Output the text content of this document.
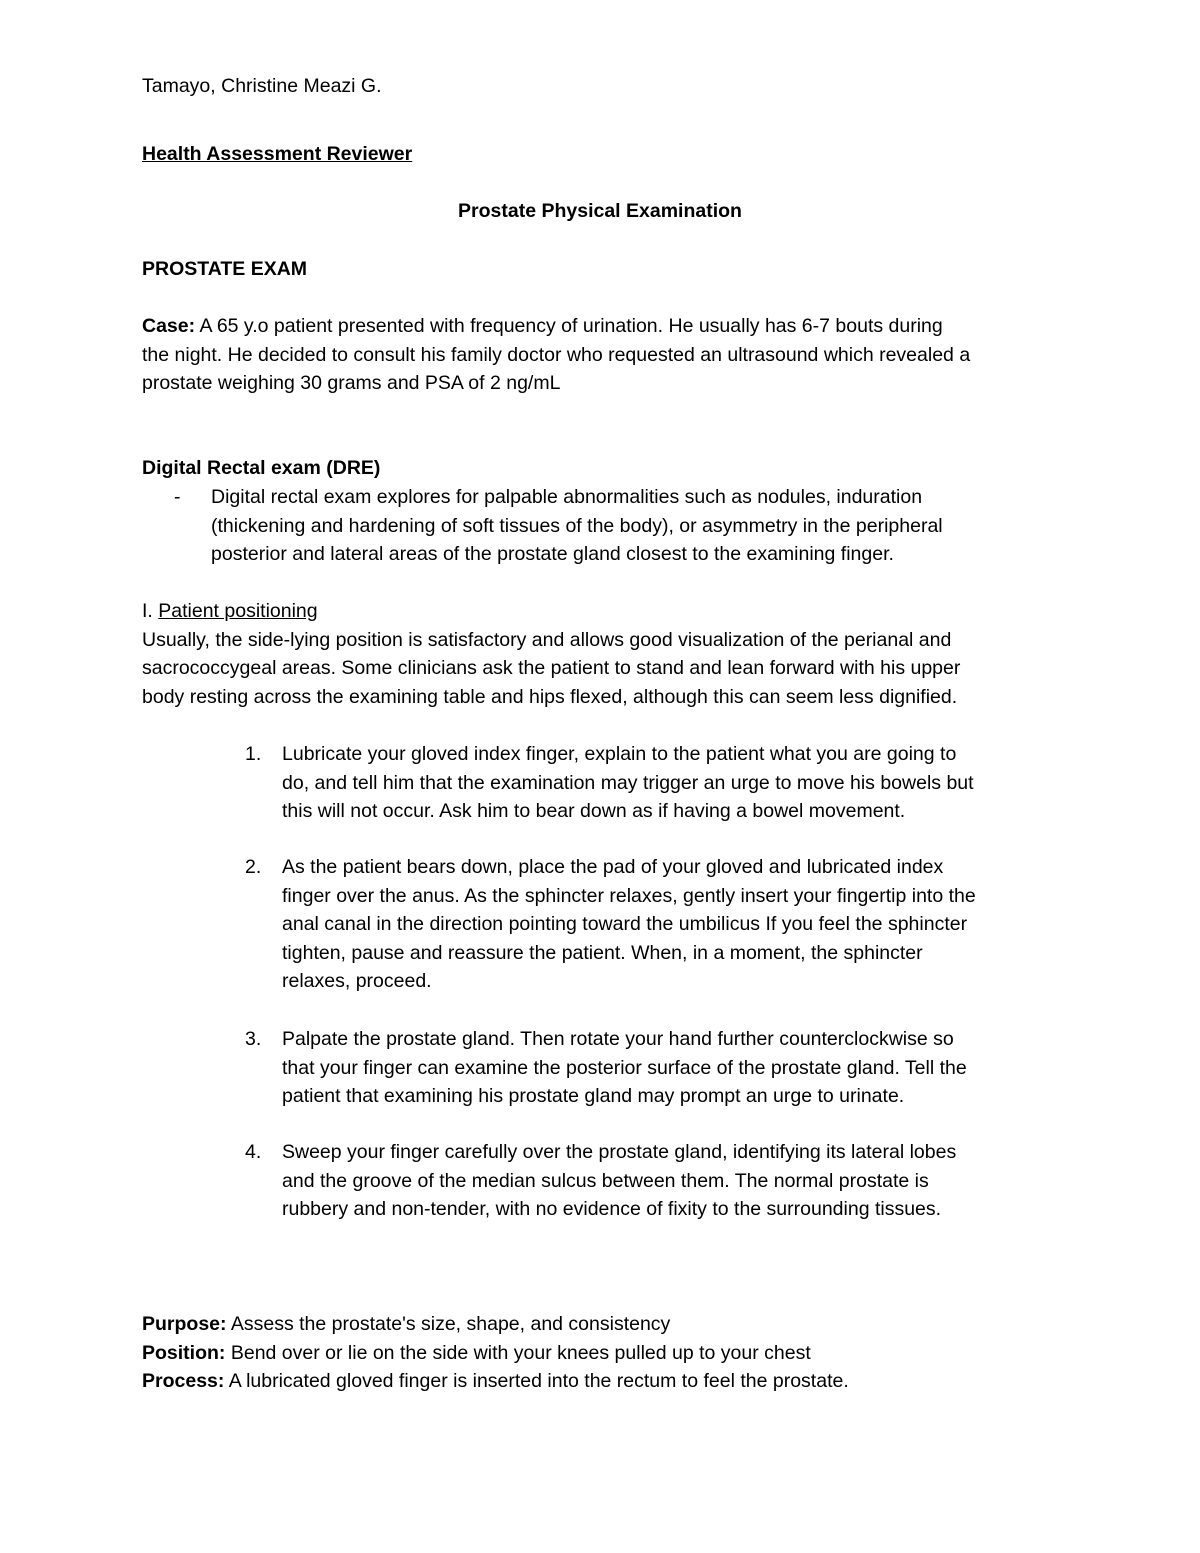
Tamayo, Christine Meazi G.
Health Assessment Reviewer
Prostate Physical Examination
PROSTATE EXAM
Case: A 65 y.o patient presented with frequency of urination. He usually has 6-7 bouts during
the night. He decided to consult his family doctor who requested an ultrasound which revealed a
prostate weighing 30 grams and PSA of 2 ng/mL
Digital Rectal exam (DRE)
- Digital rectal exam explores for palpable abnormalities such as nodules, induration
(thickening and hardening of soft tissues of the body), or asymmetry in the peripheral
posterior and lateral areas of the prostate gland closest to the examining finger.
I. Patient positioning
Usually, the side-lying position is satisfactory and allows good visualization of the perianal and
sacrococcygeal areas. Some clinicians ask the patient to stand and lean forward with his upper
body resting across the examining table and hips flexed, although this can seem less dignified.
1. Lubricate your gloved index finger, explain to the patient what you are going to
do, and tell him that the examination may trigger an urge to move his bowels but
this will not occur. Ask him to bear down as if having a bowel movement.
2. As the patient bears down, place the pad of your gloved and lubricated index
finger over the anus. As the sphincter relaxes, gently insert your fingertip into the
anal canal in the direction pointing toward the umbilicus If you feel the sphincter
tighten, pause and reassure the patient. When, in a moment, the sphincter
relaxes, proceed.
3. Palpate the prostate gland. Then rotate your hand further counterclockwise so
that your finger can examine the posterior surface of the prostate gland. Tell the
patient that examining his prostate gland may prompt an urge to urinate.
4. Sweep your finger carefully over the prostate gland, identifying its lateral lobes
and the groove of the median sulcus between them. The normal prostate is
rubbery and non-tender, with no evidence of fixity to the surrounding tissues.
Purpose: Assess the prostate's size, shape, and consistency
Position: Bend over or lie on the side with your knees pulled up to your chest
Process: A lubricated gloved finger is inserted into the rectum to feel the prostate.
